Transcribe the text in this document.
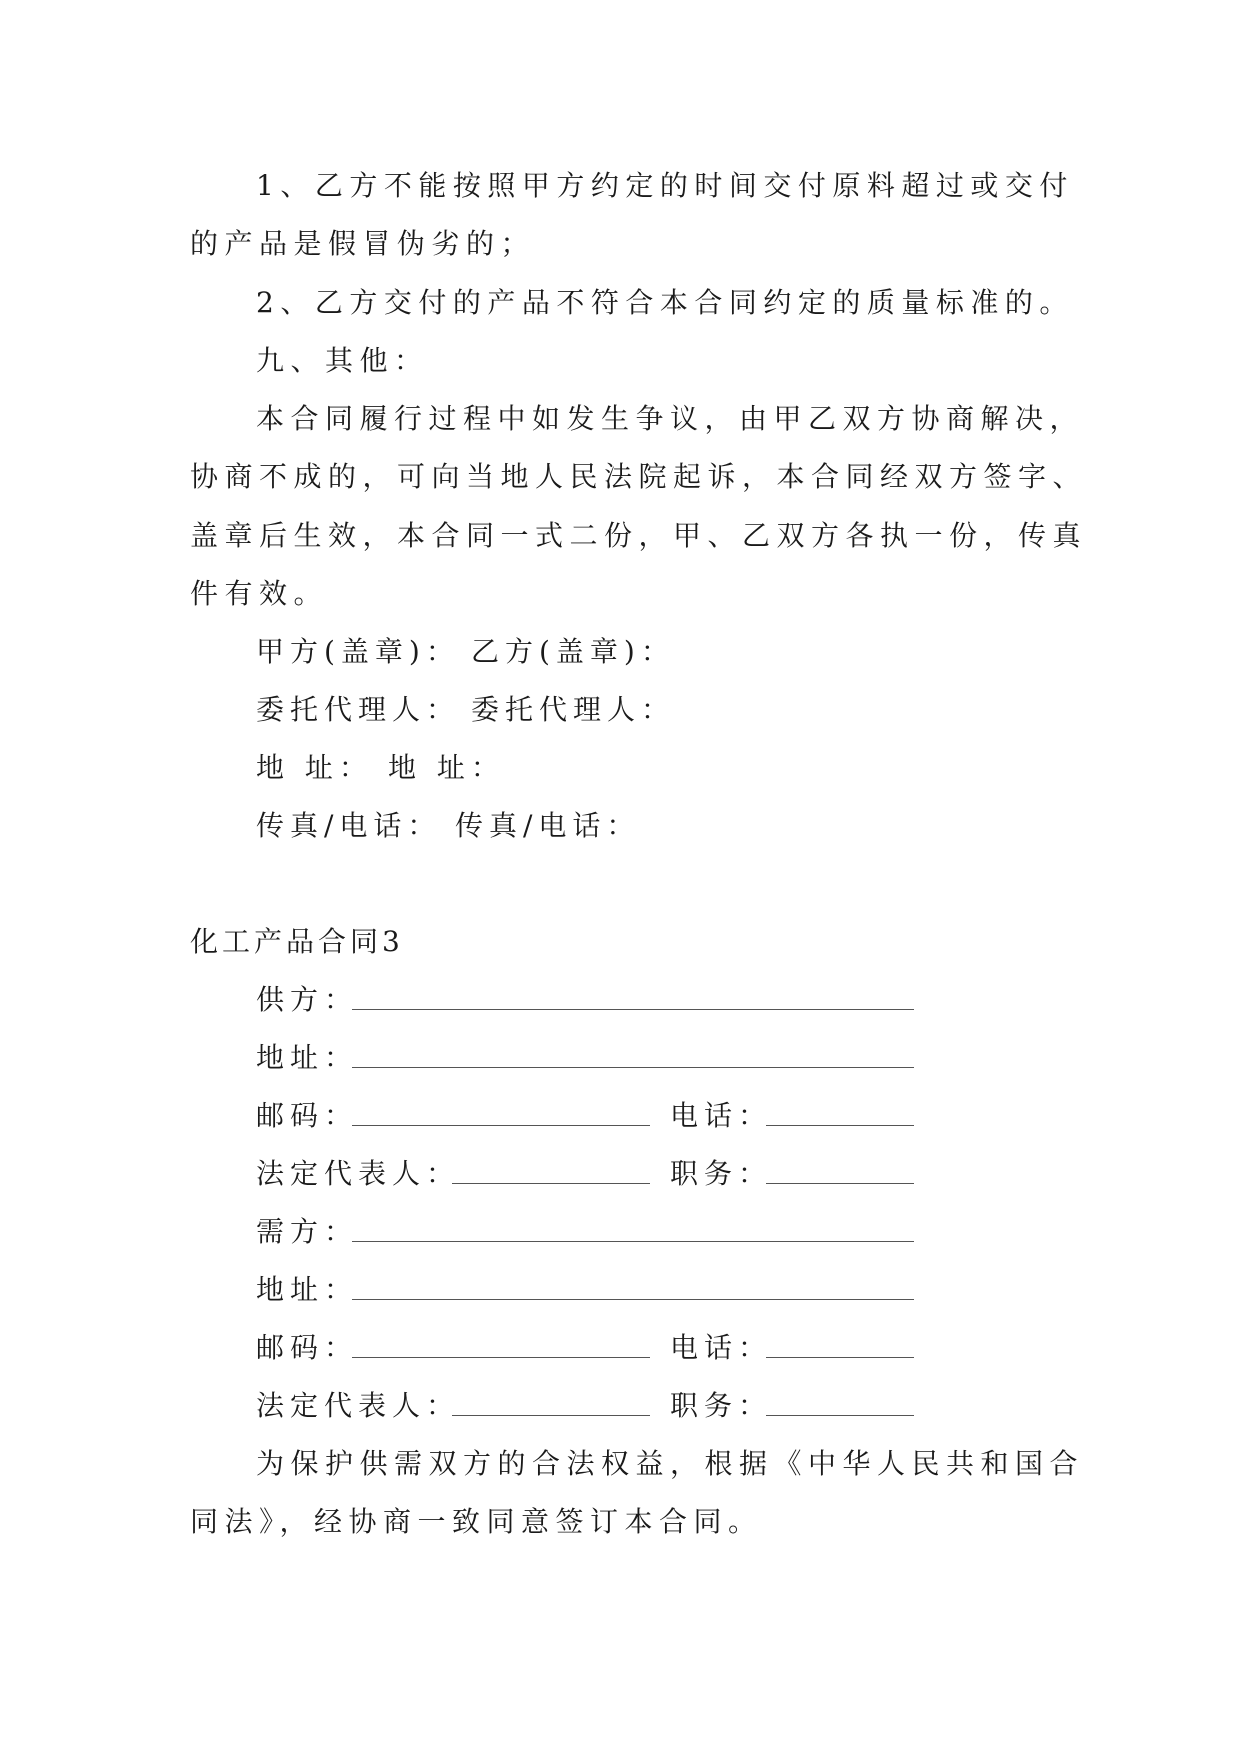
1、乙方不能按照甲方约定的时间交付原料超过或交付
的产品是假冒伪劣的；
2、乙方交付的产品不符合本合同约定的质量标准的。
九、其他：
本合同履行过程中如发生争议，由甲乙双方协商解决，
协商不成的，可向当地人民法院起诉，本合同经双方签字、
盖章后生效，本合同一式二份，甲、乙双方各执一份，传真
件有效。
甲方(盖章)： 乙方(盖章)：
委托代理人： 委托代理人：
地 址： 地 址：
传真/电话： 传真/电话：
化工产品合同3
供方：
地址：
邮码：	电话：
法定代表人：	职务：
需方：
地址：
邮码：	电话：
法定代表人：	职务：
为保护供需双方的合法权益，根据《中华人民共和国合
同法》，经协商一致同意签订本合同。
